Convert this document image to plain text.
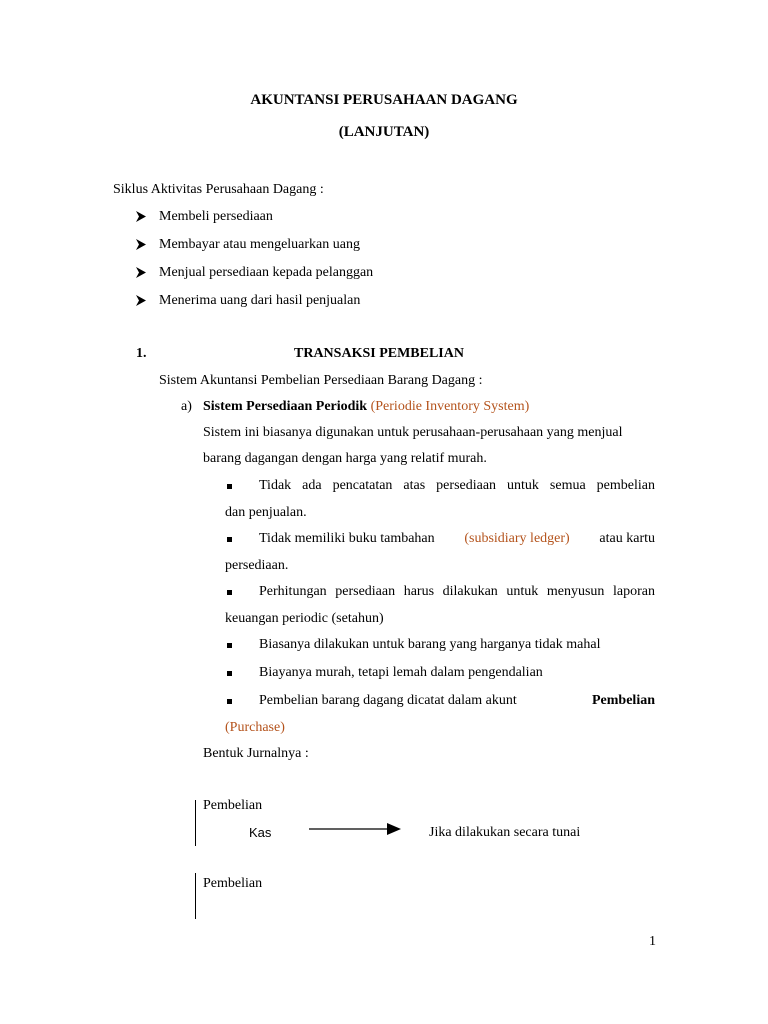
AKUNTANSI PERUSAHAAN DAGANG
(LANJUTAN)
Siklus Aktivitas Perusahaan Dagang :
Membeli persediaan
Membayar atau mengeluarkan uang
Menjual persediaan kepada pelanggan
Menerima uang dari hasil penjualan
1.	TRANSAKSI PEMBELIAN
Sistem Akuntansi Pembelian Persediaan Barang Dagang :
a) Sistem Persediaan Periodik (Periodie Inventory System)
Sistem ini biasanya digunakan untuk perusahaan-perusahaan yang menjual
barang dagangan dengan harga yang relatif murah.
Tidak ada pencatatan atas persediaan untuk semua pembelian
dan penjualan.
Tidak memiliki buku tambahan (subsidiary ledger) atau kartu
persediaan.
Perhitungan persediaan harus dilakukan untuk menyusun laporan
keuangan periodic (setahun)
Biasanya dilakukan untuk barang yang harganya tidak mahal
Biayanya murah, tetapi lemah dalam pengendalian
Pembelian barang dagang dicatat dalam akunt	Pembelian
(Purchase)
Bentuk Jurnalnya :
Pembelian
Kas	Jika dilakukan secara tunai
Pembelian
1
